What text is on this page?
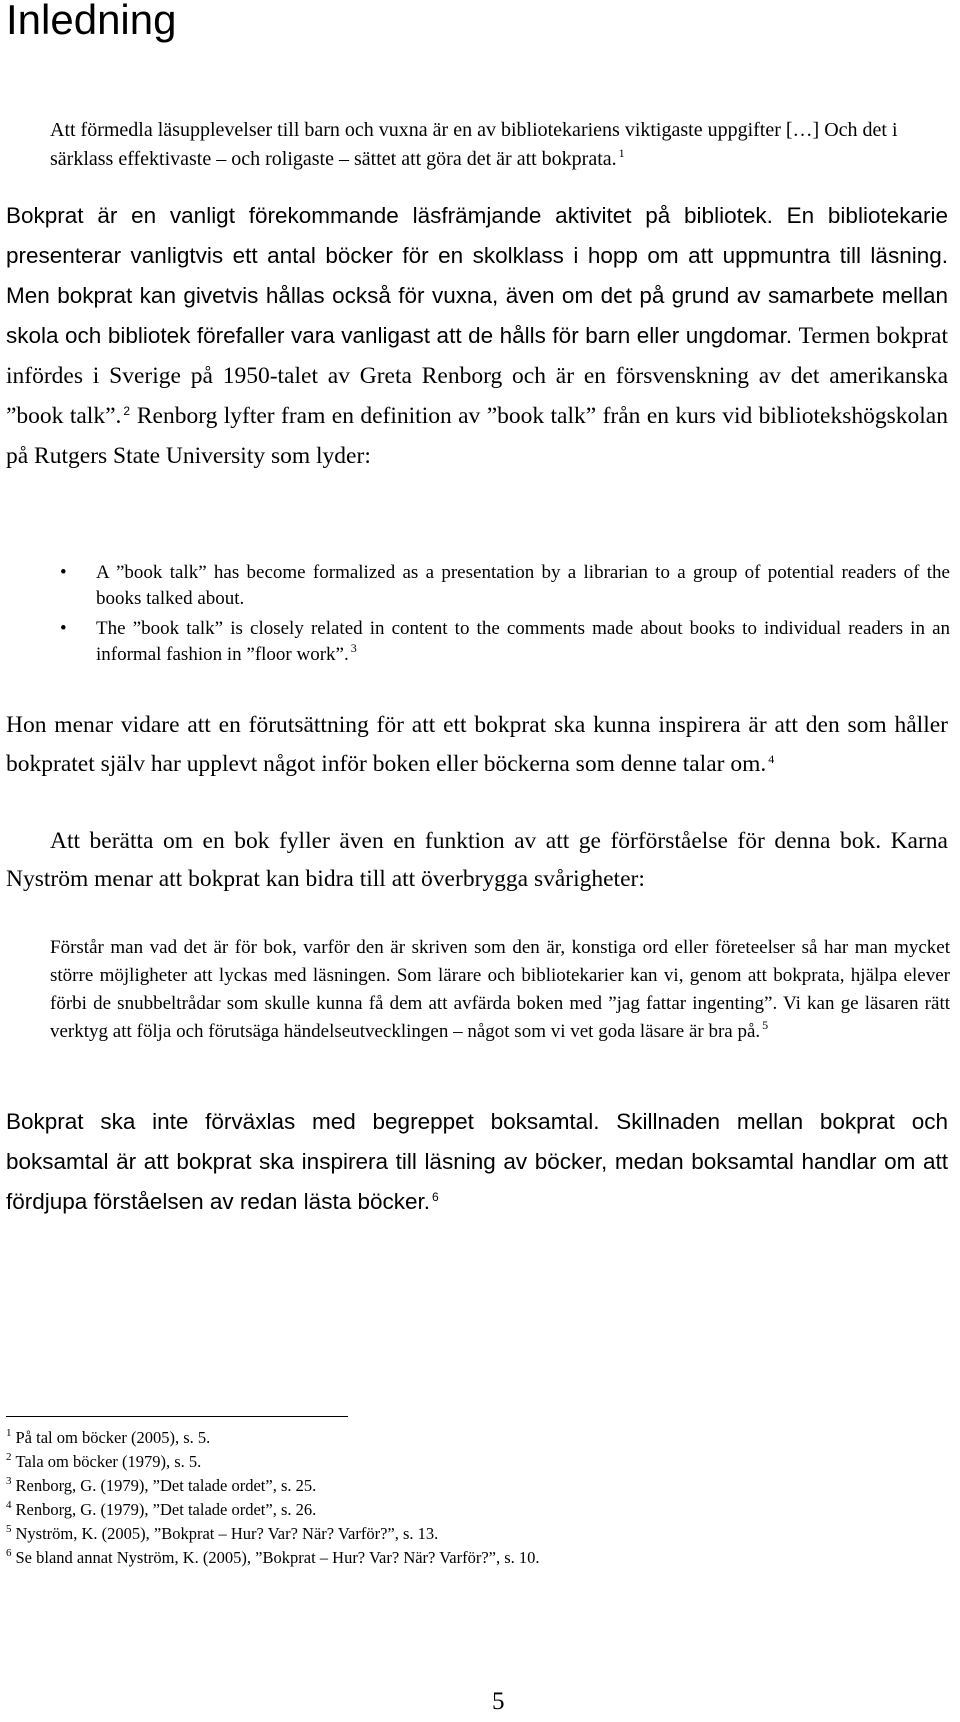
Inledning

Att förmedla läsupplevelser till barn och vuxna är en av bibliotekariens viktigaste uppgifter […] Och det i särklass effektivaste – och roligaste – sättet att göra det är att bokprata. $^1$

Bokprat är en vanligt förekommande läsfrämjande aktivitet på bibliotek. En bibliotekarie presenterar vanligtvis ett antal böcker för en skolklass i hopp om att uppmuntra till läsning. Men bokprat kan givetvis hållas också för vuxna, även om det på grund av samarbete mellan skola och bibliotek förefaller vara vanligast att de hålls för barn eller ungdomar. Termen bokprat infördes i Sverige på 1950-talet av Greta Renborg och är en försvenskning av det amerikanska ”book talk”. $^2$ Renborg lyfter fram en definition av ”book talk” från en kurs vid bibliotekshögskolan på Rutgers State University som lyder:

• A ”book talk” has become formalized as a presentation by a librarian to a group of potential readers of the books talked about.
• The ”book talk” is closely related in content to the comments made about books to individual readers in an informal fashion in ”floor work”. $^3$

Hon menar vidare att en förutsättning för att ett bokprat ska kunna inspirera är att den som håller bokpratet själv har upplevt något inför boken eller böckerna som denne talar om. $^4$

Att berätta om en bok fyller även en funktion av att ge förförståelse för denna bok. Karna Nyström menar att bokprat kan bidra till att överbrygga svårigheter:

Förstår man vad det är för bok, varför den är skriven som den är, konstiga ord eller företeelser så har man mycket större möjligheter att lyckas med läsningen. Som lärare och bibliotekarier kan vi, genom att bokprata, hjälpa elever förbi de snubbeltrådar som skulle kunna få dem att avfärda boken med ”jag fattar ingenting”. Vi kan ge läsaren rätt verktyg att följa och förutsäga händelseutvecklingen – något som vi vet goda läsare är bra på. $^5$

Bokprat ska inte förväxlas med begreppet boksamtal. Skillnaden mellan bokprat och boksamtal är att bokprat ska inspirera till läsning av böcker, medan boksamtal handlar om att fördjupa förståelsen av redan lästa böcker. $^6$

$^1$ På tal om böcker (2005), s. 5.
$^2$ Tala om böcker (1979), s. 5.
$^3$ Renborg, G. (1979), ”Det talade ordet”, s. 25.
$^4$ Renborg, G. (1979), ”Det talade ordet”, s. 26.
$^5$ Nyström, K. (2005), ”Bokprat – Hur? Var? När? Varför?”, s. 13.
$^6$ Se bland annat Nyström, K. (2005), ”Bokprat – Hur? Var? När? Varför?”, s. 10.
5
